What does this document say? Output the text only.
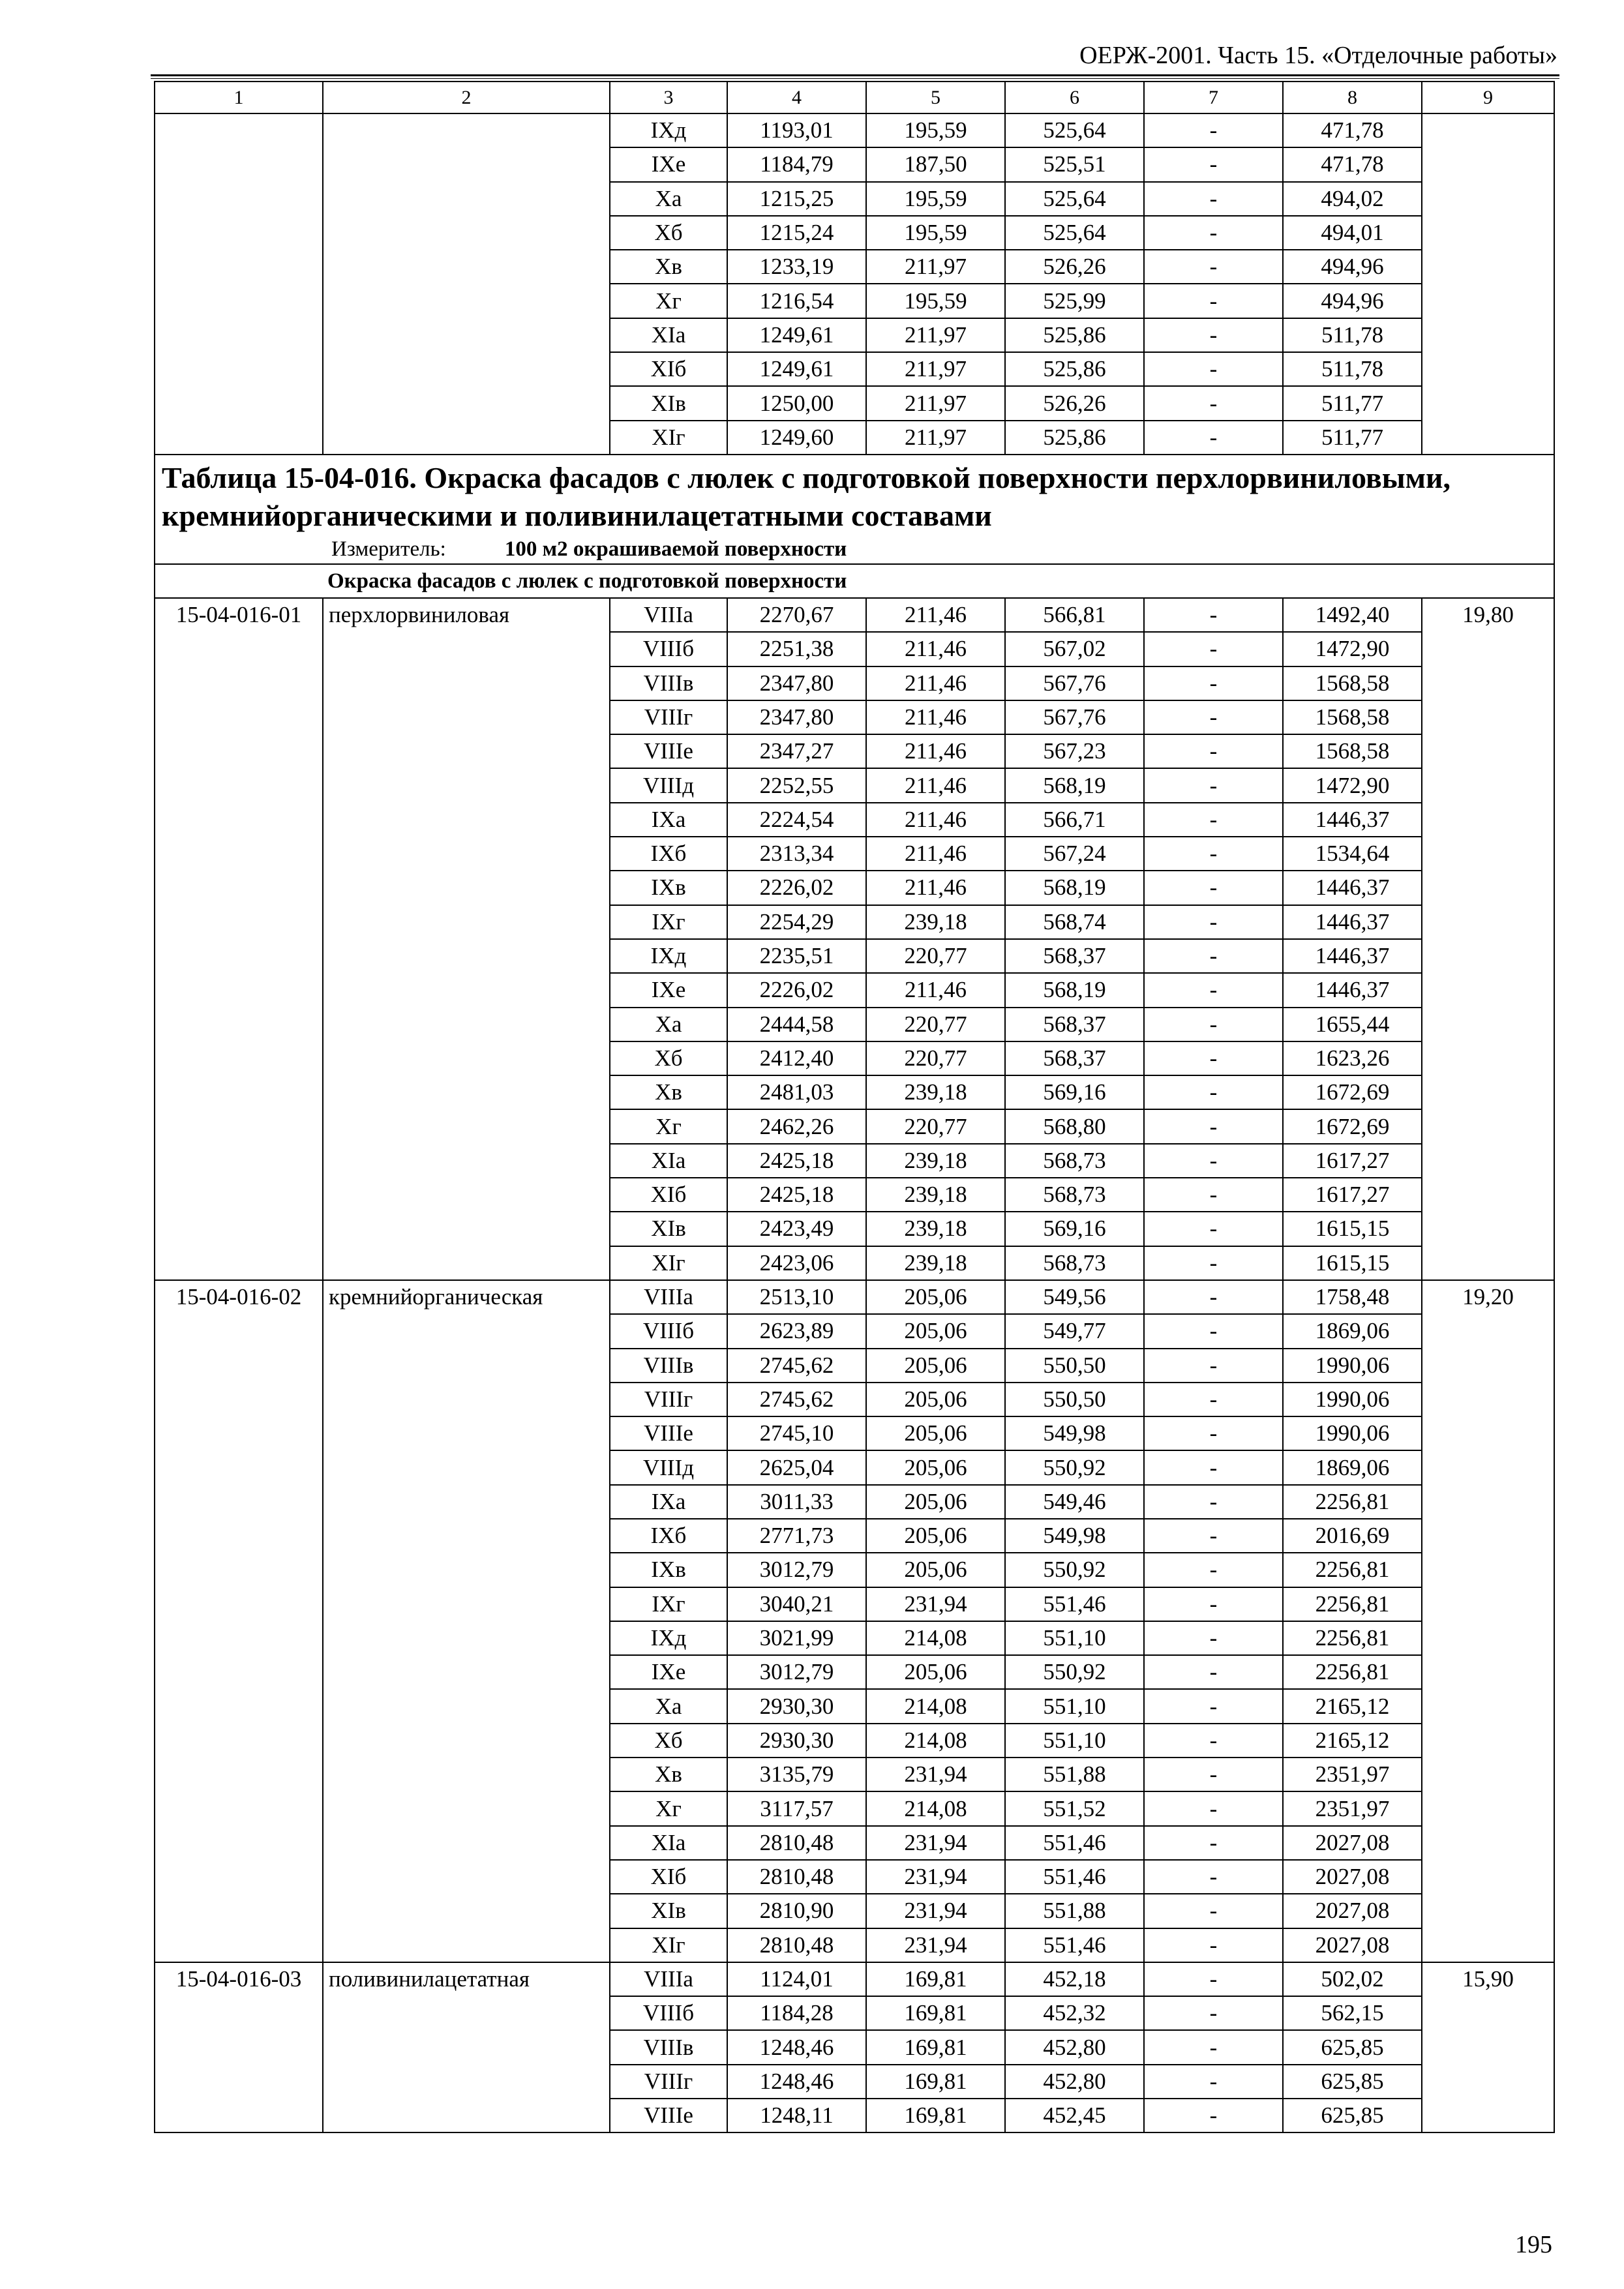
ОЕРЖ-2001. Часть 15. «Отделочные работы»
1	2	3	4	5	6	7	8	9
		IXд	1193,01	195,59	525,64	-	471,78	
		IXе	1184,79	187,50	525,51	-	471,78	
		Xа	1215,25	195,59	525,64	-	494,02	
		Xб	1215,24	195,59	525,64	-	494,01	
		Xв	1233,19	211,97	526,26	-	494,96	
		Xг	1216,54	195,59	525,99	-	494,96	
		XIа	1249,61	211,97	525,86	-	511,78	
		XIб	1249,61	211,97	525,86	-	511,78	
		XIв	1250,00	211,97	526,26	-	511,77	
		XIг	1249,60	211,97	525,86	-	511,77	

Таблица 15-04-016. Окраска фасадов с люлек с подготовкой поверхности перхлорвиниловыми, кремнийорганическими и поливинилацетатными составами
Измеритель: 100 м2 окрашиваемой поверхности								

Окраска фасадов с люлек с подготовкой поверхности								
15-04-016-01	перхлорвиниловая	VIIIа	2270,67	211,46	566,81	-	1492,40	19,80
		VIIIб	2251,38	211,46	567,02	-	1472,90	
		VIIIв	2347,80	211,46	567,76	-	1568,58	
		VIIIг	2347,80	211,46	567,76	-	1568,58	
		VIIIе	2347,27	211,46	567,23	-	1568,58	
		VIIIд	2252,55	211,46	568,19	-	1472,90	
		IXа	2224,54	211,46	566,71	-	1446,37	
		IXб	2313,34	211,46	567,24	-	1534,64	
		IXв	2226,02	211,46	568,19	-	1446,37	
		IXг	2254,29	239,18	568,74	-	1446,37	
		IXд	2235,51	220,77	568,37	-	1446,37	
		IXе	2226,02	211,46	568,19	-	1446,37	
		Xа	2444,58	220,77	568,37	-	1655,44	
		Xб	2412,40	220,77	568,37	-	1623,26	
		Xв	2481,03	239,18	569,16	-	1672,69	
		Xг	2462,26	220,77	568,80	-	1672,69	
		XIа	2425,18	239,18	568,73	-	1617,27	
		XIб	2425,18	239,18	568,73	-	1617,27	
		XIв	2423,49	239,18	569,16	-	1615,15	
		XIг	2423,06	239,18	568,73	-	1615,15	
15-04-016-02	кремнийорганическая	VIIIа	2513,10	205,06	549,56	-	1758,48	19,20
		VIIIб	2623,89	205,06	549,77	-	1869,06	
		VIIIв	2745,62	205,06	550,50	-	1990,06	
		VIIIг	2745,62	205,06	550,50	-	1990,06	
		VIIIе	2745,10	205,06	549,98	-	1990,06	
		VIIIд	2625,04	205,06	550,92	-	1869,06	
		IXа	3011,33	205,06	549,46	-	2256,81	
		IXб	2771,73	205,06	549,98	-	2016,69	
		IXв	3012,79	205,06	550,92	-	2256,81	
		IXг	3040,21	231,94	551,46	-	2256,81	
		IXд	3021,99	214,08	551,10	-	2256,81	
		IXе	3012,79	205,06	550,92	-	2256,81	
		Xа	2930,30	214,08	551,10	-	2165,12	
		Xб	2930,30	214,08	551,10	-	2165,12	
		Xв	3135,79	231,94	551,88	-	2351,97	
		Xг	3117,57	214,08	551,52	-	2351,97	
		XIа	2810,48	231,94	551,46	-	2027,08	
		XIб	2810,48	231,94	551,46	-	2027,08	
		XIв	2810,90	231,94	551,88	-	2027,08	
		XIг	2810,48	231,94	551,46	-	2027,08	
15-04-016-03	поливинилацетатная	VIIIа	1124,01	169,81	452,18	-	502,02	15,90
		VIIIб	1184,28	169,81	452,32	-	562,15	
		VIIIв	1248,46	169,81	452,80	-	625,85	
		VIIIг	1248,46	169,81	452,80	-	625,85	
		VIIIе	1248,11	169,81	452,45	-	625,85	
195
